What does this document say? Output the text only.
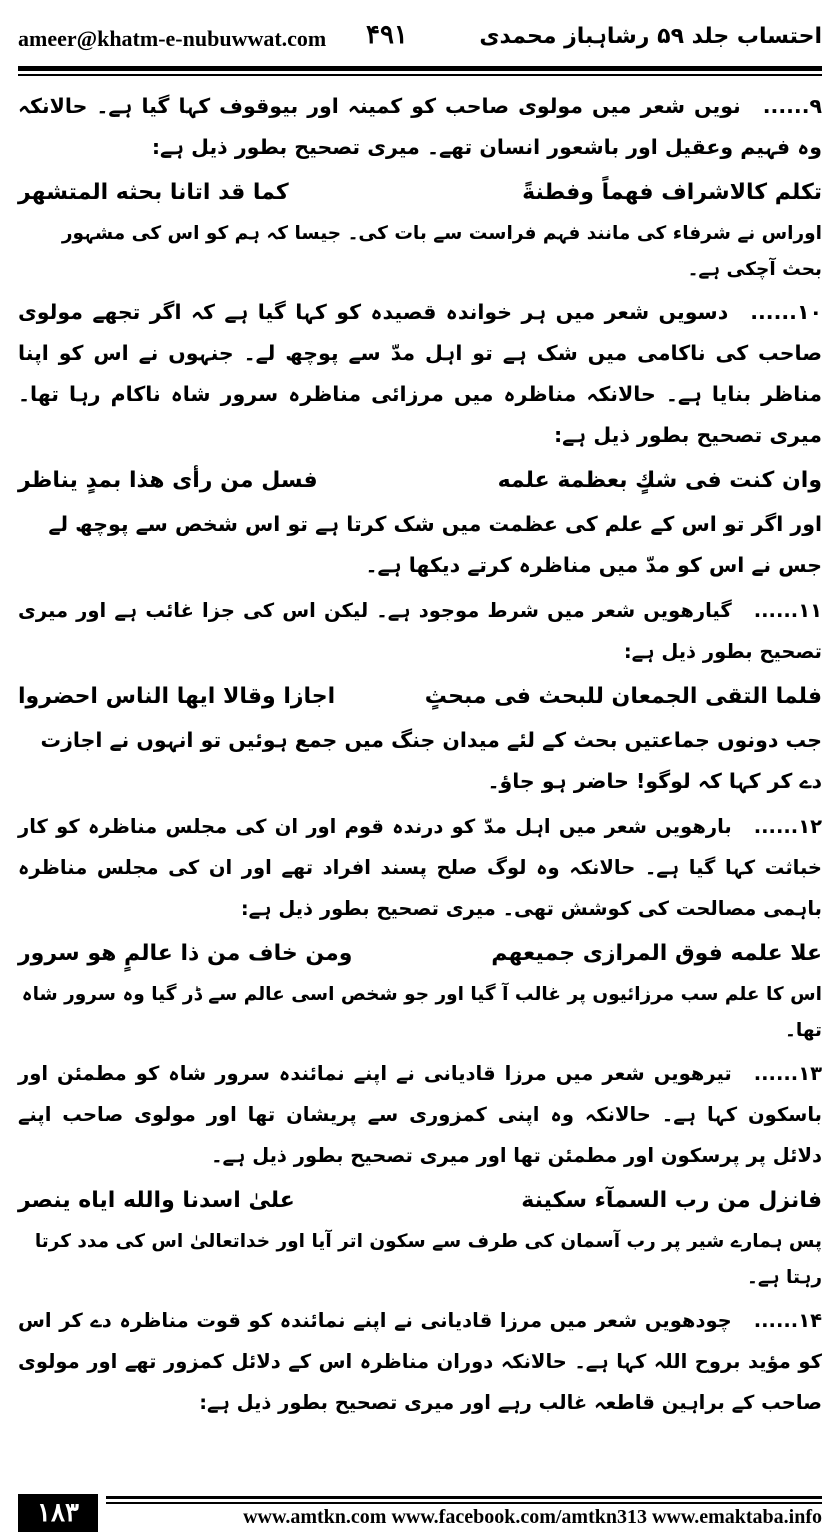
ameer@khatm-e-nubuwwat.com ۴۹۱	احتساب جلد ۵۹ رشاہباز محمدی

۹......نویں شعر میں مولوی صاحب کو کمینہ اور بیوقوف کہا گیا ہے۔ حالانکہ وہ فہیم وعقیل اور باشعور انسان تھے۔ میری تصحیح بطور ذیل ہے:

تکلم کالاشراف فهماً وفطنةً
کما قد اتانا بحثه المتشهر

اوراس نے شرفاء کی مانند فہم فراست سے بات کی۔ جیسا کہ ہم کو اس کی مشہور بحث آچکی ہے۔

۱۰......دسویں شعر میں ہر خواندہ قصیدہ کو کہا گیا ہے کہ اگر تجھے مولوی صاحب کی ناکامی میں شک ہے تو اہل مدّ سے پوچھ لے۔ جنہوں نے اس کو اپنا مناظر بنایا ہے۔ حالانکہ مناظرہ میں مرزائی مناظرہ سرور شاہ ناکام رہا تھا۔ میری تصحیح بطور ذیل ہے:

وان كنت فى شكٍ بعظمة علمه
فسل من رأى هذا بمدٍ يناظر

اور اگر تو اس کے علم کی عظمت میں شک کرتا ہے تو اس شخص سے پوچھ لے جس نے اس کو مدّ میں مناظرہ کرتے دیکھا ہے۔

۱۱......گیارھویں شعر میں شرط موجود ہے۔ لیکن اس کی جزا غائب ہے اور میری تصحیح بطور ذیل ہے:

فلما التقى الجمعان للبحث فى مبحثٍ
اجازا وقالا ايها الناس احضروا

جب دونوں جماعتیں بحث کے لئے میدان جنگ میں جمع ہوئیں تو انہوں نے اجازت دے کر کہا کہ لوگو! حاضر ہو جاؤ۔

۱۲......بارھویں شعر میں اہل مدّ کو درندہ قوم اور ان کی مجلس مناظرہ کو کار خباثت کہا گیا ہے۔ حالانکہ وہ لوگ صلح پسند افراد تھے اور ان کی مجلس مناظرہ باہمی مصالحت کی کوشش تھی۔ میری تصحیح بطور ذیل ہے:

علا علمه فوق المرازى جميعهم
ومن خاف من ذا عالمٍ هو سرور

اس کا علم سب مرزائیوں پر غالب آ گیا اور جو شخص اسی عالم سے ڈر گیا وہ سرور شاہ تھا۔

۱۳......تیرھویں شعر میں مرزا قادیانی نے اپنے نمائندہ سرور شاہ کو مطمئن اور باسکون کہا ہے۔ حالانکہ وہ اپنی کمزوری سے پریشان تھا اور مولوی صاحب اپنے دلائل پر پرسکون اور مطمئن تھا اور میری تصحیح بطور ذیل ہے۔

فانزل من رب السمآء سكينة
علىٰ اسدنا والله اياه ينصر

پس ہمارے شیر پر رب آسمان کی طرف سے سکون اتر آیا اور خداتعالیٰ اس کی مدد کرتا رہتا ہے۔

۱۴......چودھویں شعر میں مرزا قادیانی نے اپنے نمائندہ کو قوت مناظرہ دے کر اس کو مؤید بروح اللہ کہا ہے۔ حالانکہ دوران مناظرہ اس کے دلائل کمزور تھے اور مولوی صاحب کے براہین قاطعہ غالب رہے اور میری تصحیح بطور ذیل ہے:

۱۸۳	www.amtkn.com www.facebook.com/amtkn313 www.emaktaba.info
